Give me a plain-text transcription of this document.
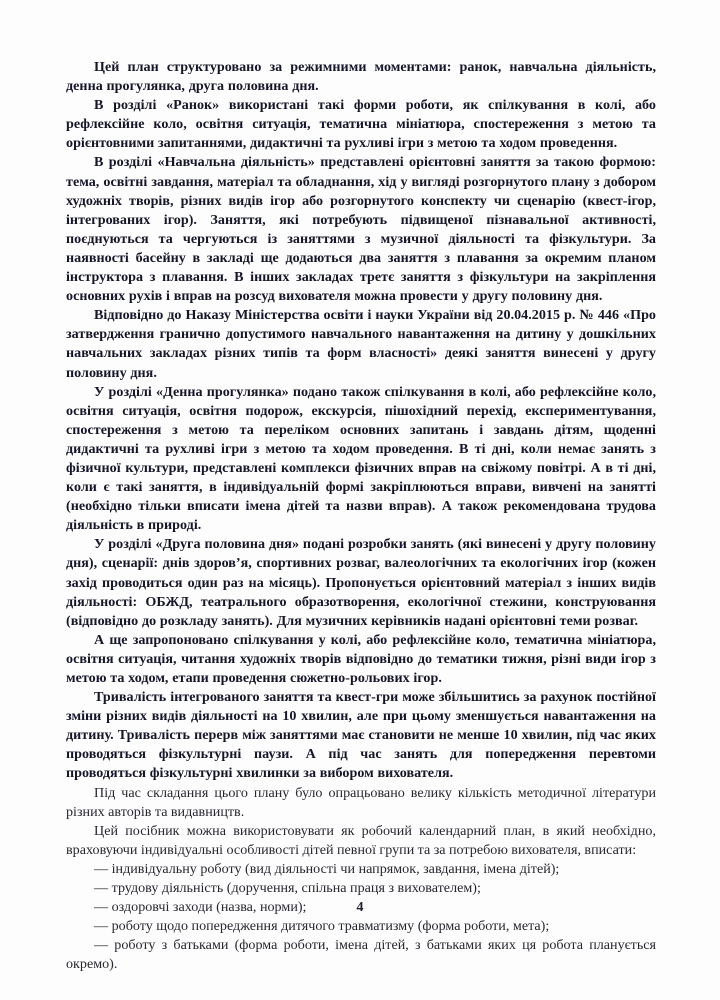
Цей план структуровано за режимними моментами: ранок, навчальна діяльність, денна прогулянка, друга половина дня.

В розділі «Ранок» використані такі форми роботи, як спілкування в колі, або рефлексійне коло, освітня ситуація, тематична мініатюра, спостереження з метою та орієнтовними запитаннями, дидактичні та рухливі ігри з метою та ходом проведення.

В розділі «Навчальна діяльність» представлені орієнтовні заняття за такою формою: тема, освітні завдання, матеріал та обладнання, хід у вигляді розгорнутого плану з добором художніх творів, різних видів ігор або розгорнутого конспекту чи сценарію (квест-ігор, інтегрованих ігор). Заняття, які потребують підвищеної пізнавальної активності, поєднуються та чергуються із заняттями з музичної діяльності та фізкультури. За наявності басейну в закладі ще додаються два заняття з плавання за окремим планом інструктора з плавання. В інших закладах третє заняття з фізкультури на закріплення основних рухів і вправ на розсуд вихователя можна провести у другу половину дня.

Відповідно до Наказу Міністерства освіти і науки України від 20.04.2015 р. № 446 «Про затвердження гранично допустимого навчального навантаження на дитину у дошкільних навчальних закладах різних типів та форм власності» деякі заняття винесені у другу половину дня.

У розділі «Денна прогулянка» подано також спілкування в колі, або рефлексійне коло, освітня ситуація, освітня подорож, екскурсія, пішохідний перехід, експериментування, спостереження з метою та переліком основних запитань і завдань дітям, щоденні дидактичні та рухливі ігри з метою та ходом проведення. В ті дні, коли немає занять з фізичної культури, представлені комплекси фізичних вправ на свіжому повітрі. А в ті дні, коли є такі заняття, в індивідуальній формі закріплюються вправи, вивчені на занятті (необхідно тільки вписати імена дітей та назви вправ). А також рекомендована трудова діяльність в природі.

У розділі «Друга половина дня» подані розробки занять (які винесені у другу половину дня), сценарії: днів здоров’я, спортивних розваг, валеологічних та екологічних ігор (кожен захід проводиться один раз на місяць). Пропонується орієнтовний матеріал з інших видів діяльності: ОБЖД, театрального образотворення, екологічної стежини, конструювання (відповідно до розкладу занять). Для музичних керівників надані орієнтовні теми розваг.

А ще запропоновано спілкування у колі, або рефлексійне коло, тематична мініатюра, освітня ситуація, читання художніх творів відповідно до тематики тижня, різні види ігор з метою та ходом, етапи проведення сюжетно-рольових ігор.

Тривалість інтегрованого заняття та квест-гри може збільшитись за рахунок постійної зміни різних видів діяльності на 10 хвилин, але при цьому зменшується навантаження на дитину. Тривалість перерв між заняттями має становити не менше 10 хвилин, під час яких проводяться фізкультурні паузи. А під час занять для попередження перевтоми проводяться фізкультурні хвилинки за вибором вихователя.

Під час складання цього плану було опрацьовано велику кількість методичної літератури різних авторів та видавництв.

Цей посібник можна використовувати як робочий календарний план, в який необхідно, враховуючи індивідуальні особливості дітей певної групи та за потребою вихователя, вписати:

— індивідуальну роботу (вид діяльності чи напрямок, завдання, імена дітей);

— трудову діяльність (доручення, спільна праця з вихователем);

— оздоровчі заходи (назва, норми);

— роботу щодо попередження дитячого травматизму (форма роботи, мета);

— роботу з батьками (форма роботи, імена дітей, з батьками яких ця робота планується окремо).

4
